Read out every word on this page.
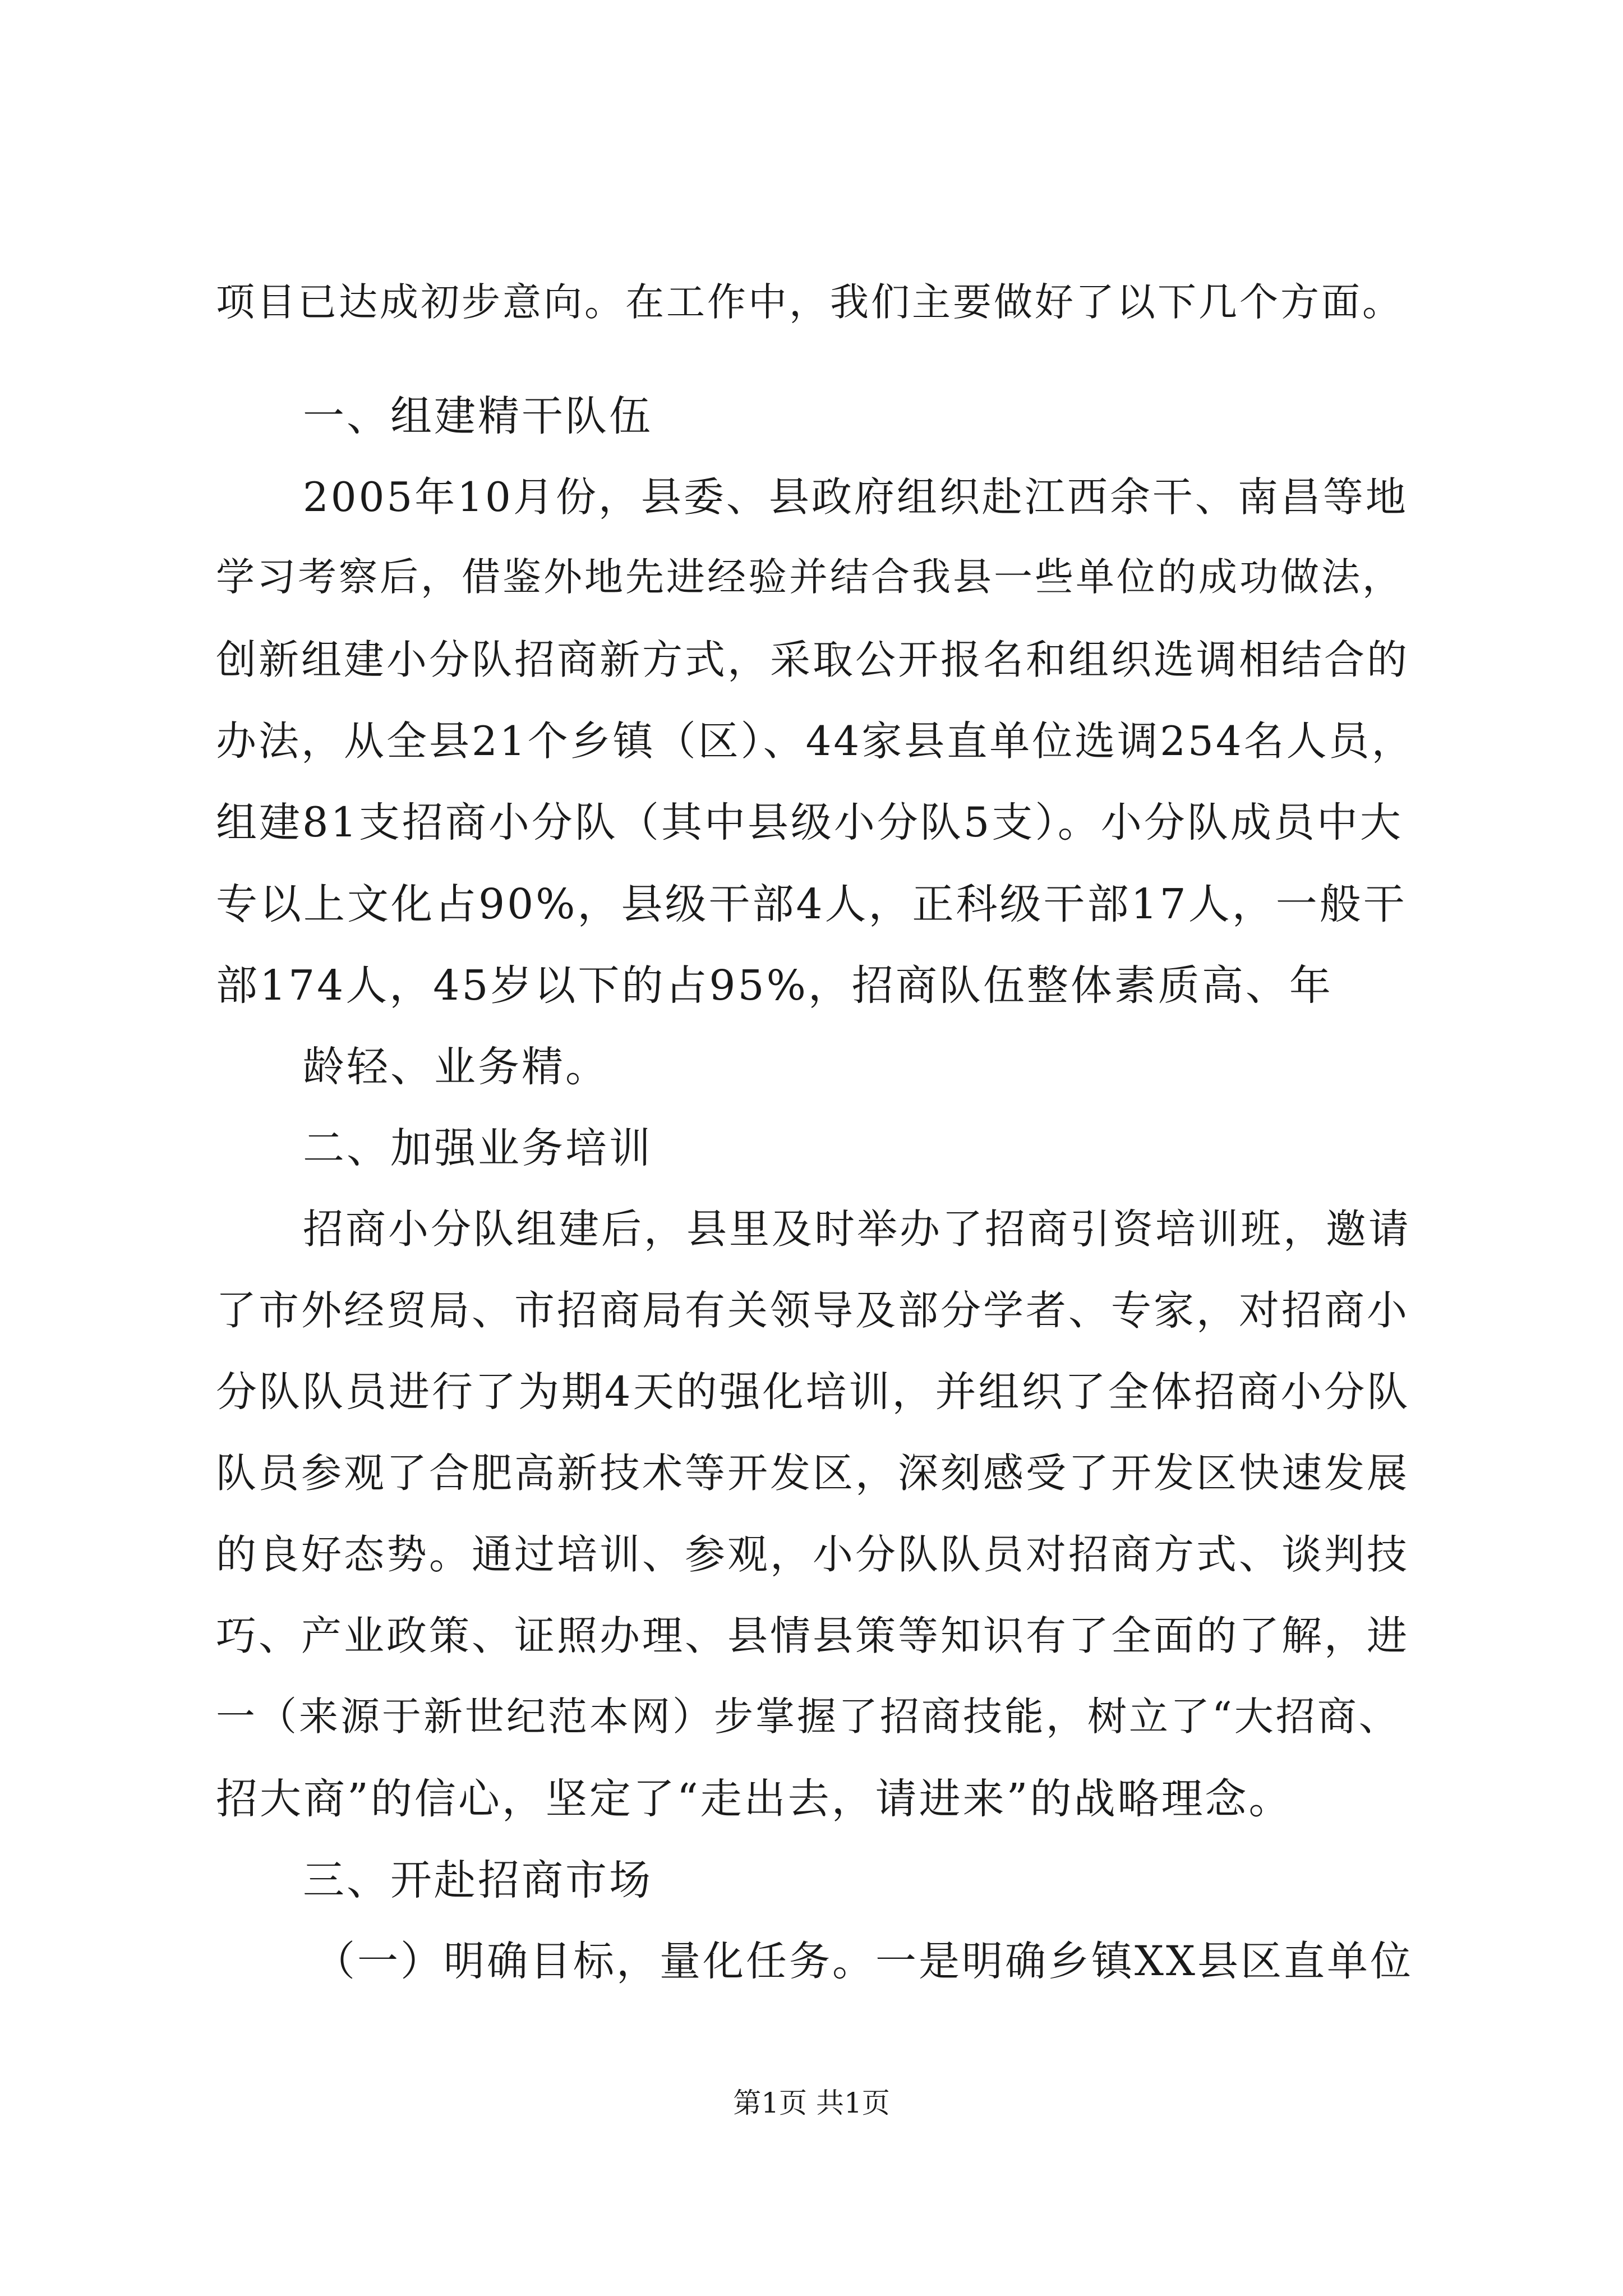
项目已达成初步意向。在工作中，我们主要做好了以下几个方面。
一、组建精干队伍
2005年10月份，县委、县政府组织赴江西余干、南昌等地
学习考察后，借鉴外地先进经验并结合我县一些单位的成功做法，
创新组建小分队招商新方式，采取公开报名和组织选调相结合的
办法，从全县21个乡镇（区）、44家县直单位选调254名人员，
组建81支招商小分队（其中县级小分队5支）。小分队成员中大
专以上文化占90%，县级干部4人，正科级干部17人，一般干
部174人，45岁以下的占95%，招商队伍整体素质高、年
龄轻、业务精。
二、加强业务培训
招商小分队组建后，县里及时举办了招商引资培训班，邀请
了市外经贸局、市招商局有关领导及部分学者、专家，对招商小
分队队员进行了为期4天的强化培训，并组织了全体招商小分队
队员参观了合肥高新技术等开发区，深刻感受了开发区快速发展
的良好态势。通过培训、参观，小分队队员对招商方式、谈判技
巧、产业政策、证照办理、县情县策等知识有了全面的了解，进
一（来源于新世纪范本网）步掌握了招商技能，树立了“大招商、
招大商”的信心，坚定了“走出去，请进来”的战略理念。
三、开赴招商市场
（一）明确目标，量化任务。一是明确乡镇XX县区直单位
第1页 共1页
